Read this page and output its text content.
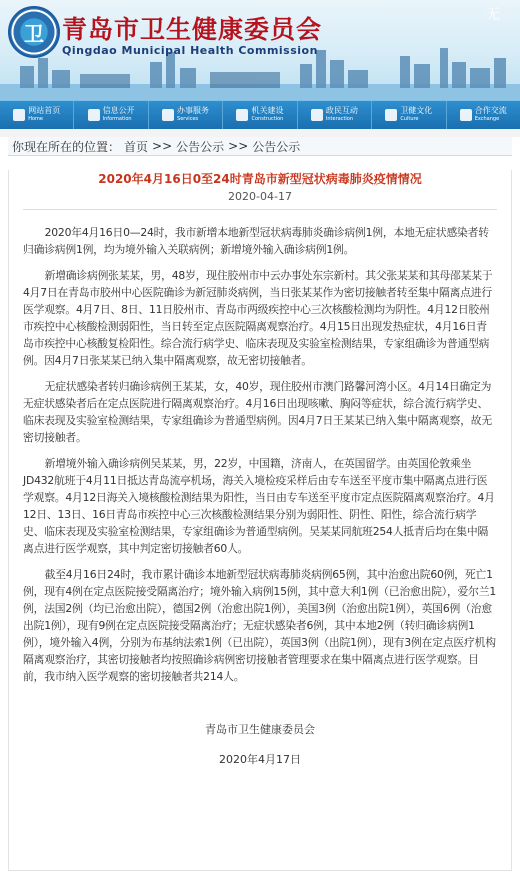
卫 青岛市卫生健康委员会
Qingdao Municipal Health Commission
无
网站首页
Home
信息公开
Information
办事服务
Services
机关建设
Construction
政民互动
Interaction
卫健文化
Culture
合作交流
Exchange
你现在所在的位置： 首页 >> 公告公示 >> 公告公示
2020年4月16日0至24时青岛市新型冠状病毒肺炎疫情情况
2020-04-17

2020年4月16日0—24时，我市新增本地新型冠状病毒肺炎确诊病例1例，本地无症状感染者转归确诊病例1例，均为境外输入关联病例；新增境外输入确诊病例1例。

新增确诊病例张某某，男，48岁，现住胶州市中云办事处东宗新村。其父张某某和其母邵某某于4月7日在青岛市胶州中心医院确诊为新冠肺炎病例，当日张某某作为密切接触者转至集中隔离点进行医学观察。4月7日、8日、11日胶州市、青岛市两级疾控中心三次核酸检测均为阴性。4月12日胶州市疾控中心核酸检测弱阳性，当日转至定点医院隔离观察治疗。4月15日出现发热症状，4月16日青岛市疾控中心核酸复检阳性。综合流行病学史、临床表现及实验室检测结果，专家组确诊为普通型病例。因4月7日张某某已纳入集中隔离观察，故无密切接触者。

无症状感染者转归确诊病例王某某，女，40岁，现住胶州市澳门路馨河湾小区。4月14日确定为无症状感染者后在定点医院进行隔离观察治疗。4月16日出现咳嗽、胸闷等症状，综合流行病学史、临床表现及实验室检测结果，专家组确诊为普通型病例。因4月7日王某某已纳入集中隔离观察，故无密切接触者。

新增境外输入确诊病例吴某某，男，22岁，中国籍，济南人，在英国留学。由英国伦敦乘坐JD432航班于4月11日抵达青岛流亭机场，海关入境检疫采样后由专车送至平度市集中隔离点进行医学观察。4月12日海关入境核酸检测结果为阳性，当日由专车送至平度市定点医院隔离观察治疗。4月12日、13日、16日青岛市疾控中心三次核酸检测结果分别为弱阳性、阴性、阳性，综合流行病学史、临床表现及实验室检测结果，专家组确诊为普通型病例。吴某某同航班254人抵青后均在集中隔离点进行医学观察，其中判定密切接触者60人。

截至4月16日24时，我市累计确诊本地新型冠状病毒肺炎病例65例，其中治愈出院60例，死亡1例，现有4例在定点医院接受隔离治疗；境外输入病例15例，其中意大利1例（已治愈出院），爱尔兰1例，法国2例（均已治愈出院），德国2例（治愈出院1例），美国3例（治愈出院1例），英国6例（治愈出院1例），现有9例在定点医院接受隔离治疗；无症状感染者6例，其中本地2例（转归确诊病例1例），境外输入4例，分别为布基纳法索1例（已出院），英国3例（出院1例），现有3例在定点医疗机构隔离观察治疗，其密切接触者均按照确诊病例密切接触者管理要求在集中隔离点进行医学观察。目前，我市纳入医学观察的密切接触者共214人。

青岛市卫生健康委员会
2020年4月17日
